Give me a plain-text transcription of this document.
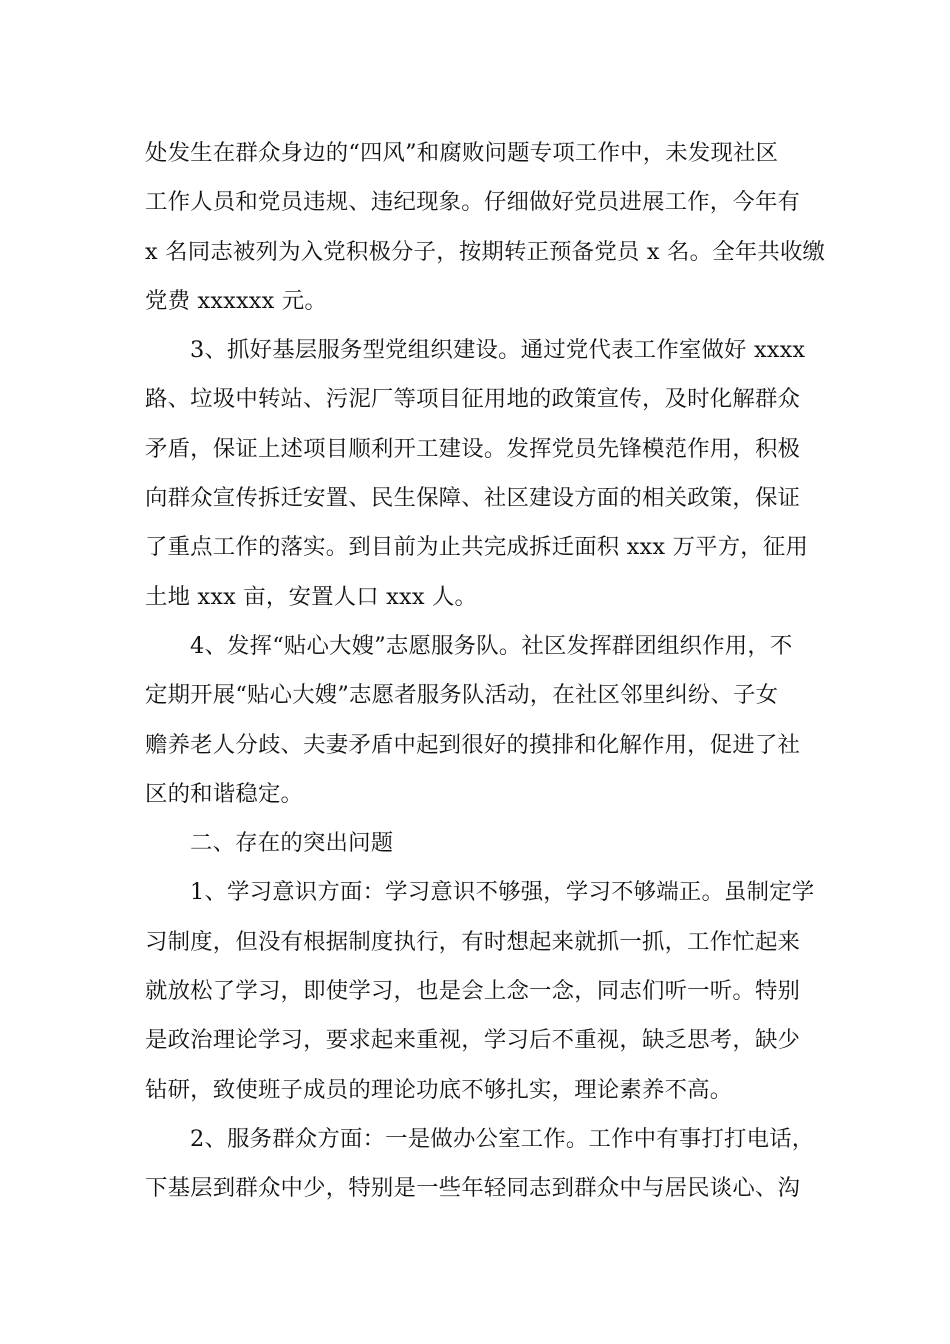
处发生在群众身边的“四风”和腐败问题专项工作中，未发现社区
工作人员和党员违规、违纪现象。仔细做好党员进展工作，今年有
x 名同志被列为入党积极分子，按期转正预备党员 x 名。全年共收缴
党费 xxxxxx 元。
3、抓好基层服务型党组织建设。通过党代表工作室做好 xxxx
路、垃圾中转站、污泥厂等项目征用地的政策宣传，及时化解群众
矛盾，保证上述项目顺利开工建设。发挥党员先锋模范作用，积极
向群众宣传拆迁安置、民生保障、社区建设方面的相关政策，保证
了重点工作的落实。到目前为止共完成拆迁面积 xxx 万平方，征用
土地 xxx 亩，安置人口 xxx 人。
4、发挥“贴心大嫂”志愿服务队。社区发挥群团组织作用，不
定期开展“贴心大嫂”志愿者服务队活动，在社区邻里纠纷、子女
赡养老人分歧、夫妻矛盾中起到很好的摸排和化解作用，促进了社
区的和谐稳定。
二、存在的突出问题
1、学习意识方面：学习意识不够强，学习不够端正。虽制定学
习制度，但没有根据制度执行，有时想起来就抓一抓，工作忙起来
就放松了学习，即使学习，也是会上念一念，同志们听一听。特别
是政治理论学习，要求起来重视，学习后不重视，缺乏思考，缺少
钻研，致使班子成员的理论功底不够扎实，理论素养不高。
2、服务群众方面：一是做办公室工作。工作中有事打打电话，
下基层到群众中少，特别是一些年轻同志到群众中与居民谈心、沟
